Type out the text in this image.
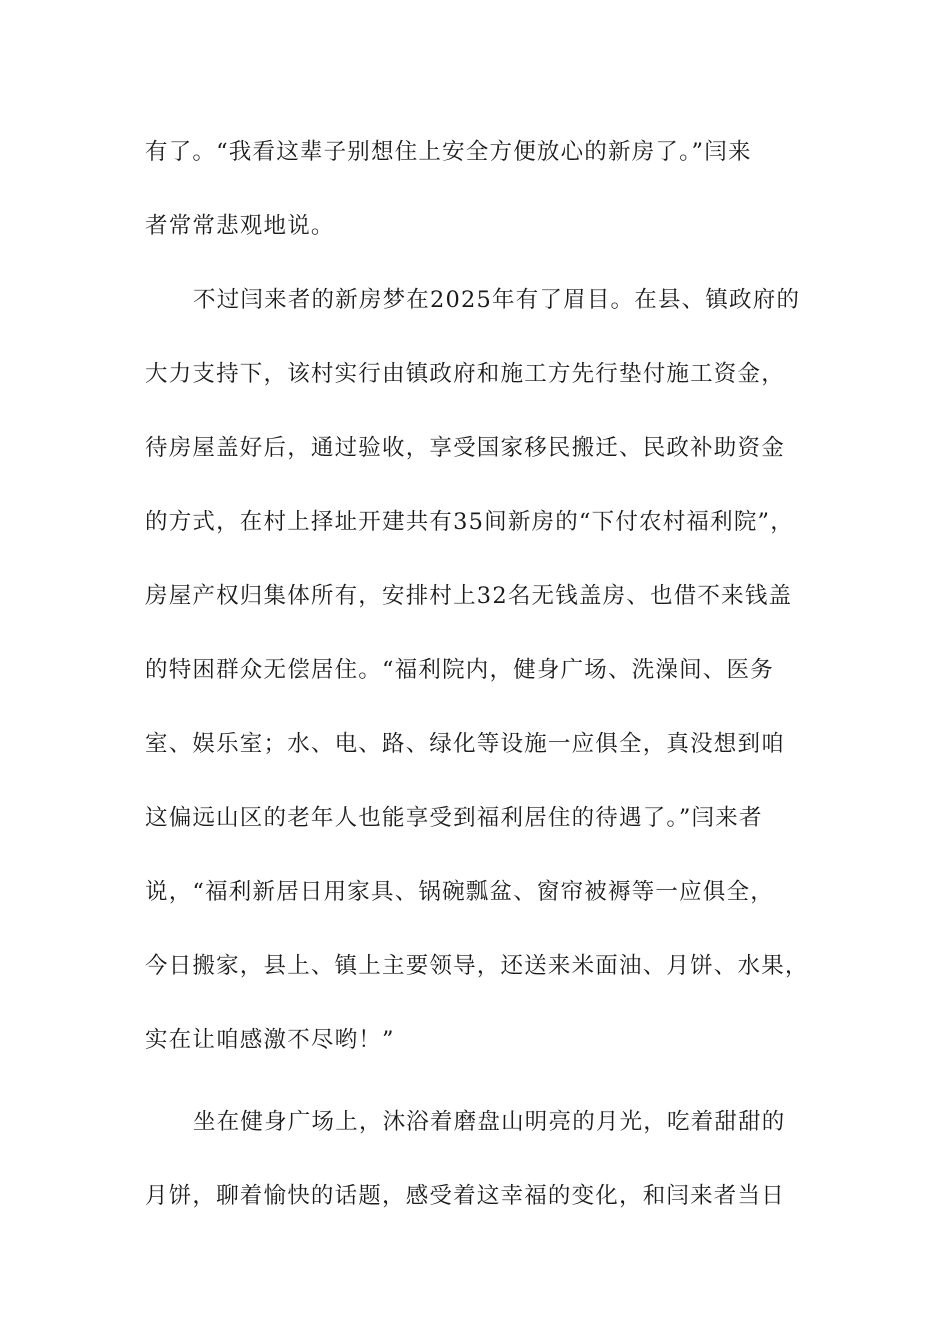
有了。“我看这辈子别想住上安全方便放心的新房了。”闫来
者常常悲观地说。
不过闫来者的新房梦在2025年有了眉目。在县、镇政府的
大力支持下，该村实行由镇政府和施工方先行垫付施工资金，
待房屋盖好后，通过验收，享受国家移民搬迁、民政补助资金
的方式，在村上择址开建共有35间新房的“下付农村福利院”，
房屋产权归集体所有，安排村上32名无钱盖房、也借不来钱盖
的特困群众无偿居住。“福利院内，健身广场、洗澡间、医务
室、娱乐室；水、电、路、绿化等设施一应俱全，真没想到咱
这偏远山区的老年人也能享受到福利居住的待遇了。”闫来者
说，“福利新居日用家具、锅碗瓢盆、窗帘被褥等一应俱全，
今日搬家，县上、镇上主要领导，还送来米面油、月饼、水果，
实在让咱感激不尽哟！”
坐在健身广场上，沐浴着磨盘山明亮的月光，吃着甜甜的
月饼，聊着愉快的话题，感受着这幸福的变化，和闫来者当日
